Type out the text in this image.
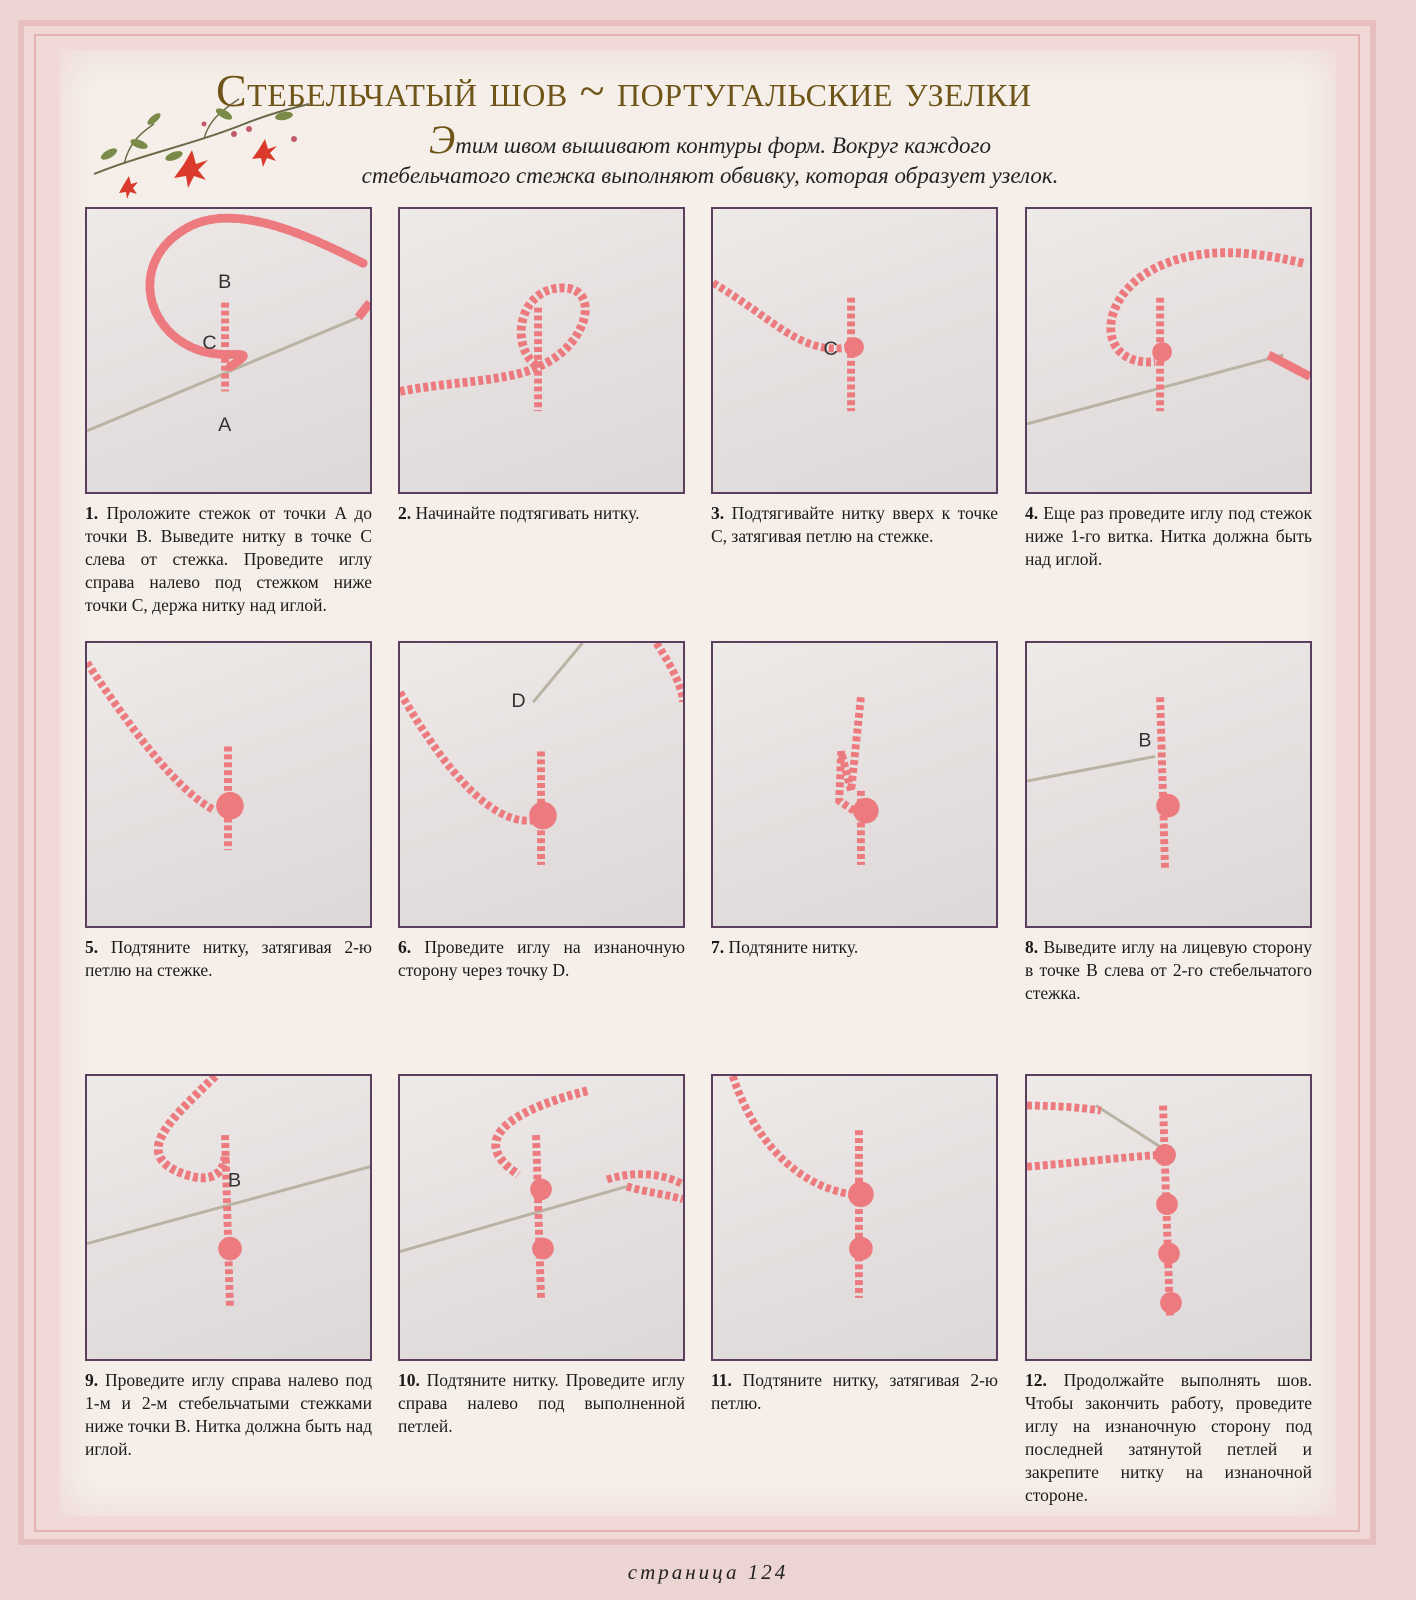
Стебельчатый шов ~ португальские узелки
Этим швом вышивают контуры форм. Вокруг каждого
стебельчатого стежка выполняют обвивку, которая образует узелок.
B
C
A
1. Проложите стежок от точки A до точки B. Выведите нитку в точке C слева от стежка. Проведите иглу справа налево под стежком ниже точки C, держа нитку над иглой.
2. Начинайте подтягивать нитку.
C
3. Подтягивайте нитку вверх к точке C, затягивая петлю на стежке.
4. Еще раз проведите иглу под стежок ниже 1-го витка. Нитка должна быть над иглой.
5. Подтяните нитку, затягивая 2-ю петлю на стежке.
D
6. Проведите иглу на изнаночную сторону через точку D.
7. Подтяните нитку.
B
8. Выведите иглу на лицевую сторону в точке B слева от 2-го стебельчатого стежка.
B
9. Проведите иглу справа налево под 1-м и 2-м стебельчатыми стежками ниже точки B. Нитка должна быть над иглой.
10. Подтяните нитку. Проведите иглу справа налево под выполненной петлей.
11. Подтяните нитку, затягивая 2-ю петлю.
12. Продолжайте выполнять шов. Чтобы закончить работу, проведите иглу на изнаночную сторону под последней затянутой петлей и закрепите нитку на изнаночной стороне.
страница 124
